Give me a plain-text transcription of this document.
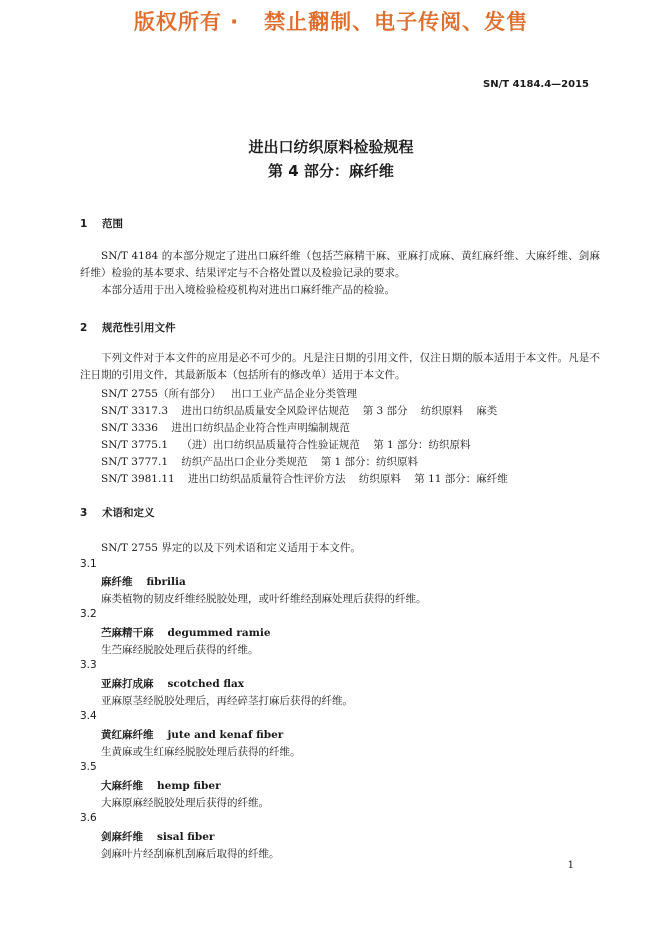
版权所有 ·   禁止翻制、电子传阅、发售
SN/T 4184.4—2015
进出口纺织原料检验规程
第 4 部分：麻纤维
1 范围
SN/T 4184 的本部分规定了进出口麻纤维（包括苎麻精干麻、亚麻打成麻、黄红麻纤维、大麻纤维、剑麻纤维）检验的基本要求、结果评定与不合格处置以及检验记录的要求。
本部分适用于出入境检验检疫机构对进出口麻纤维产品的检验。
2 规范性引用文件
下列文件对于本文件的应用是必不可少的。凡是注日期的引用文件，仅注日期的版本适用于本文件。凡是不注日期的引用文件，其最新版本（包括所有的修改单）适用于本文件。
SN/T 2755（所有部分）   出口工业产品企业分类管理
SN/T 3317.3    进出口纺织品质量安全风险评估规范    第 3 部分    纺织原料    麻类
SN/T 3336    进出口纺织品企业符合性声明编制规范
SN/T 3775.1    （进）出口纺织品质量符合性验证规范    第 1 部分：纺织原料
SN/T 3777.1    纺织产品出口企业分类规范    第 1 部分：纺织原料
SN/T 3981.11    进出口纺织品质量符合性评价方法    纺织原料    第 11 部分：麻纤维
3 术语和定义
SN/T 2755 界定的以及下列术语和定义适用于本文件。
3.1
麻纤维 fibrilia
麻类植物的韧皮纤维经脱胶处理，或叶纤维经刮麻处理后获得的纤维。
3.2
苎麻精干麻 degummed ramie
生苎麻经脱胶处理后获得的纤维。
3.3
亚麻打成麻 scotched flax
亚麻原茎经脱胶处理后，再经碎茎打麻后获得的纤维。
3.4
黄红麻纤维 jute and kenaf fiber
生黄麻或生红麻经脱胶处理后获得的纤维。
3.5
大麻纤维 hemp fiber
大麻原麻经脱胶处理后获得的纤维。
3.6
剑麻纤维 sisal fiber
剑麻叶片经刮麻机刮麻后取得的纤维。
1
